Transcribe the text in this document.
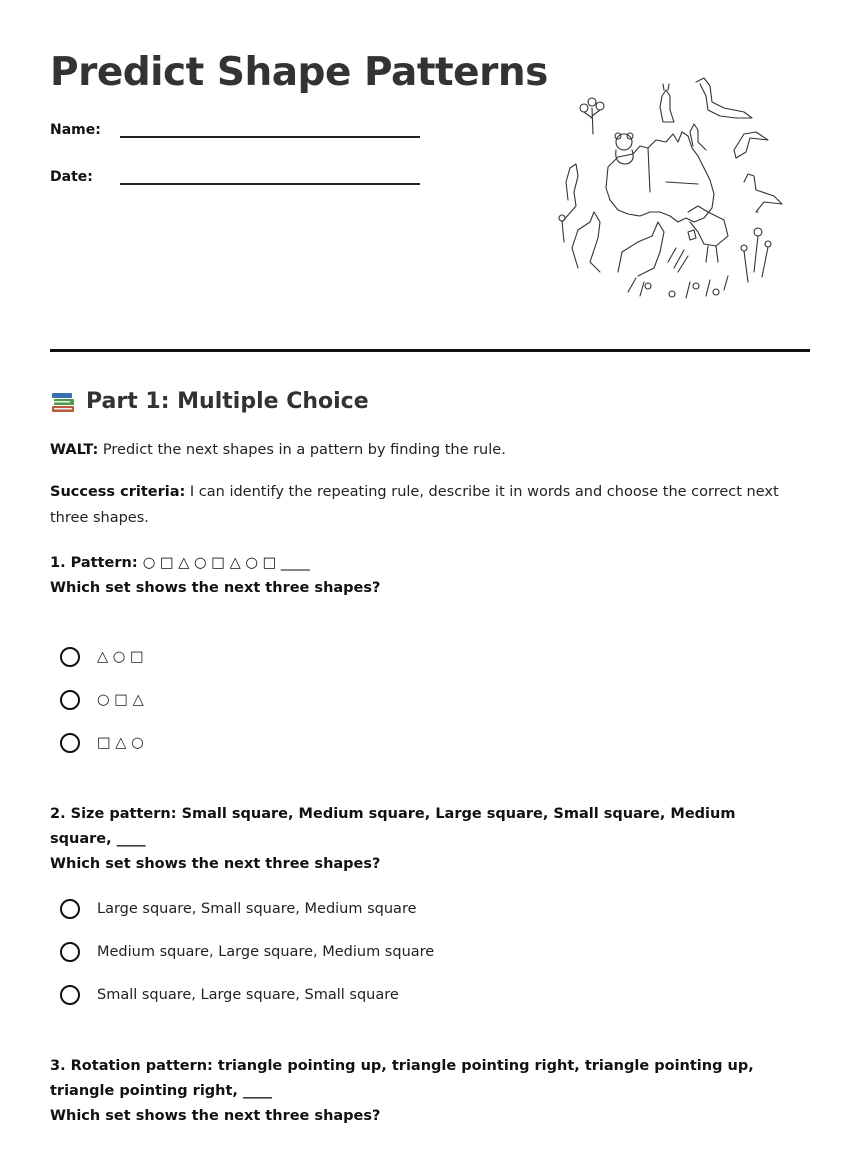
Predict Shape Patterns
Name:
Date:
Part 1: Multiple Choice
WALT: Predict the next shapes in a pattern by finding the rule.
Success criteria: I can identify the repeating rule, describe it in words and choose the correct next three shapes.
1. Pattern: ○ □ △ ○ □ △ ○ □ ____
Which set shows the next three shapes?
△ ○ □
○ □ △
□ △ ○
2. Size pattern: Small square, Medium square, Large square, Small square, Medium square, ____
Which set shows the next three shapes?
Large square, Small square, Medium square
Medium square, Large square, Medium square
Small square, Large square, Small square
3. Rotation pattern: triangle pointing up, triangle pointing right, triangle pointing up, triangle pointing right, ____
Which set shows the next three shapes?
